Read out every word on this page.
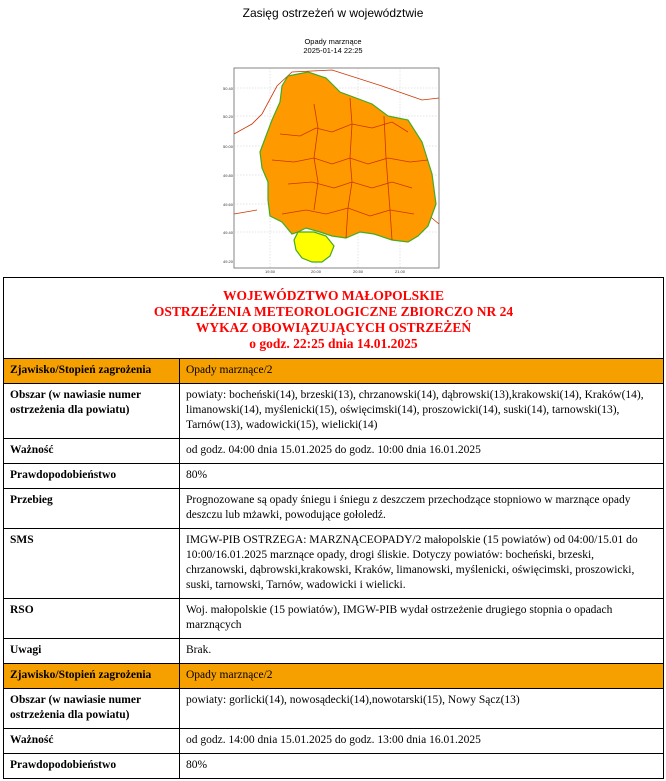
Zasięg ostrzeżeń w województwie
Opady marznące
2025-01-14 22:25
50.40
50.20
50.00
49.80
49.60
49.40
49.20
19.50	20.00	20.50	21.00
WOJEWÓDZTWO MAŁOPOLSKIE
OSTRZEŻENIA METEOROLOGICZNE ZBIORCZO NR 24
WYKAZ OBOWIĄZUJĄCYCH OSTRZEŻEŃ
o godz. 22:25 dnia 14.01.2025
Zjawisko/Stopień zagrożenia	Opady marznące/2
Obszar (w nawiasie numer ostrzeżenia dla powiatu)	powiaty: bocheński(14), brzeski(13), chrzanowski(14), dąbrowski(13),krakowski(14), Kraków(14), limanowski(14), myślenicki(15), oświęcimski(14), proszowicki(14), suski(14), tarnowski(13), Tarnów(13), wadowicki(15), wielicki(14)
Ważność	od godz. 04:00 dnia 15.01.2025 do godz. 10:00 dnia 16.01.2025
Prawdopodobieństwo	80%
Przebieg	Prognozowane są opady śniegu i śniegu z deszczem przechodzące stopniowo w marznące opady deszczu lub mżawki, powodujące gołoledź.
SMS	IMGW-PIB OSTRZEGA: MARZNĄCEOPADY/2 małopolskie (15 powiatów) od 04:00/15.01 do 10:00/16.01.2025 marznące opady, drogi śliskie. Dotyczy powiatów: bocheński, brzeski, chrzanowski, dąbrowski,krakowski, Kraków, limanowski, myślenicki, oświęcimski, proszowicki, suski, tarnowski, Tarnów, wadowicki i wielicki.
RSO	Woj. małopolskie (15 powiatów), IMGW-PIB wydał ostrzeżenie drugiego stopnia o opadach marznących
Uwagi	Brak.
Zjawisko/Stopień zagrożenia	Opady marznące/2
Obszar (w nawiasie numer ostrzeżenia dla powiatu)	powiaty: gorlicki(14), nowosądecki(14),nowotarski(15), Nowy Sącz(13)
Ważność	od godz. 14:00 dnia 15.01.2025 do godz. 13:00 dnia 16.01.2025
Prawdopodobieństwo	80%
